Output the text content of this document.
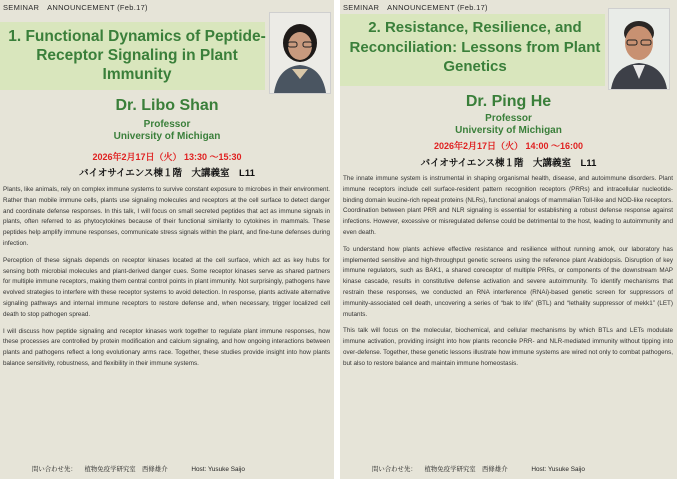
SEMINAR　ANNOUNCEMENT (Feb.17)
1. Functional Dynamics of Peptide-Receptor Signaling in Plant Immunity
Dr. Libo Shan
Professor
University of Michigan
2026年2月17日（火） 13:30 ～15:30
バイオサイエンス棟１階　大講義室　L11

Plants, like animals, rely on complex immune systems to survive constant exposure to microbes in their environment. Rather than mobile immune cells, plants use signaling molecules and receptors at the cell surface to detect danger and coordinate defense responses. In this talk, I will focus on small secreted peptides that act as immune signals in plants, often referred to as phytocytokines because of their functional similarity to cytokines in mammals. These peptides help amplify immune responses, communicate stress signals within the plant, and fine-tune defenses during infection.

Perception of these signals depends on receptor kinases located at the cell surface, which act as key hubs for sensing both microbial molecules and plant-derived danger cues. Some receptor kinases serve as shared partners for multiple immune receptors, making them central control points in plant immunity. Not surprisingly, pathogens have evolved strategies to interfere with these receptor systems to avoid detection. In response, plants activate alternative signaling pathways and internal immune receptors to restore defense and, when necessary, trigger localized cell death to stop pathogen spread.

I will discuss how peptide signaling and receptor kinases work together to regulate plant immune responses, how these processes are controlled by protein modification and calcium signaling, and how ongoing interactions between plants and pathogens reflect a long evolutionary arms race. Together, these studies provide insight into how plants balance sensitivity, robustness, and flexibility in their immune systems.

問い合わせ先： 植物免疫学研究室　西條雄介	Host: Yusuke Saijo
SEMINAR　ANNOUNCEMENT (Feb.17)
2. Resistance, Resilience, and Reconciliation: Lessons from Plant Genetics
Dr. Ping He
Professor
University of Michigan
2026年2月17日（火） 14:00 ～16:00
バイオサイエンス棟１階　大講義室　L11

The innate immune system is instrumental in shaping organismal health, disease, and autoimmune disorders. Plant immune receptors include cell surface-resident pattern recognition receptors (PRRs) and intracellular nucleotide-binding domain leucine-rich repeat proteins (NLRs), functional analogs of mammalian Toll-like and NOD-like receptors. Coordination between plant PRR and NLR signaling is essential for establishing a robust defense response against infections. However, excessive or misregulated defense could be detrimental to the host, leading to autoimmunity and even death.

To understand how plants achieve effective resistance and resilience without running amok, our laboratory has implemented sensitive and high-throughput genetic screens using the reference plant Arabidopsis. Disruption of key immune regulators, such as BAK1, a shared coreceptor of multiple PRRs, or components of the downstream MAP kinase cascade, results in constitutive defense activation and severe autoimmunity. To identify mechanisms that restrain these responses, we conducted an RNA interference (RNAi)-based genetic screen for suppressors of immunity-associated cell death, uncovering a series of “bak to life” (BTL) and “lethality suppressor of mekk1” (LET) mutants.

This talk will focus on the molecular, biochemical, and cellular mechanisms by which BTLs and LETs modulate immune activation, providing insight into how plants reconcile PRR- and NLR-mediated immunity without tipping into over-defense. Together, these genetic lessons illustrate how immune systems are wired not only to combat pathogens, but also to restore balance and maintain immune homeostasis.

問い合わせ先： 植物免疫学研究室　西條雄介	Host: Yusuke Saijo
